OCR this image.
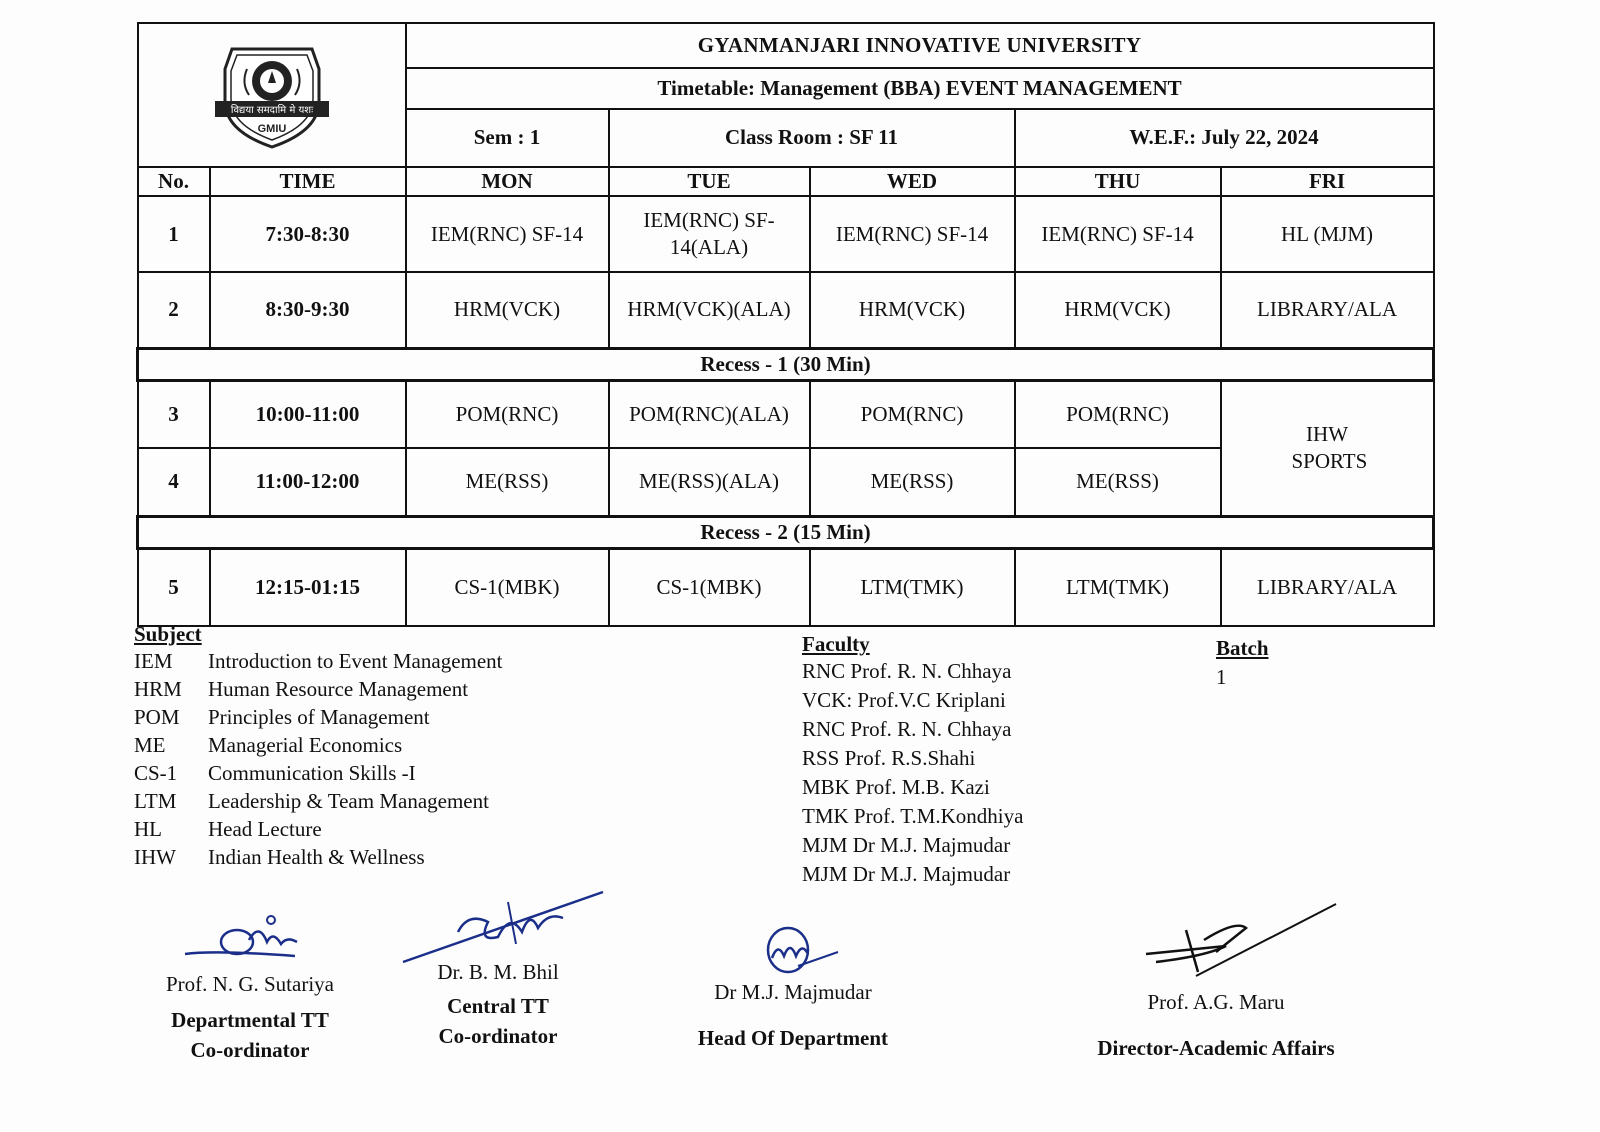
विद्यया समदामि मे यशः
GMIU		GYANMANJARI INNOVATIVE UNIVERSITY				
		Timetable: Management (BBA) EVENT MANAGEMENT				
		Sem : 1	Class Room : SF 11		W.E.F.: July 22, 2024	
No.	TIME	MON	TUE	WED	THU	FRI
1	7:30-8:30	IEM(RNC) SF-14	IEM(RNC) SF-14(ALA)	IEM(RNC) SF-14	IEM(RNC) SF-14	HL (MJM)
2	8:30-9:30	HRM(VCK)	HRM(VCK)(ALA)	HRM(VCK)	HRM(VCK)	LIBRARY/ALA
Recess - 1 (30 Min)						
3	10:00-11:00	POM(RNC)	POM(RNC)(ALA)	POM(RNC)	POM(RNC)	IHW SPORTS
4	11:00-12:00	ME(RSS)	ME(RSS)(ALA)	ME(RSS)	ME(RSS)	
Recess - 2 (15 Min)						
5	12:15-01:15	CS-1(MBK)	CS-1(MBK)	LTM(TMK)	LTM(TMK)	LIBRARY/ALA
Subject
IEM	Introduction to Event Management
HRM	Human Resource Management
POM	Principles of Management
ME	Managerial Economics
CS-1	Communication Skills -I
LTM	Leadership & Team Management
HL	Head Lecture
IHW	Indian Health & Wellness
Faculty
RNC Prof. R. N. Chhaya
VCK: Prof.V.C Kriplani
RNC Prof. R. N. Chhaya
RSS Prof. R.S.Shahi
MBK Prof. M.B. Kazi
TMK Prof. T.M.Kondhiya
MJM Dr M.J. Majmudar
MJM Dr M.J. Majmudar
Batch
1
Prof. N. G. Sutariya
Departmental TT
Co-ordinator
Dr. B. M. Bhil
Central TT
Co-ordinator
Dr M.J. Majmudar
Head Of Department
Prof. A.G. Maru
Director-Academic Affairs
